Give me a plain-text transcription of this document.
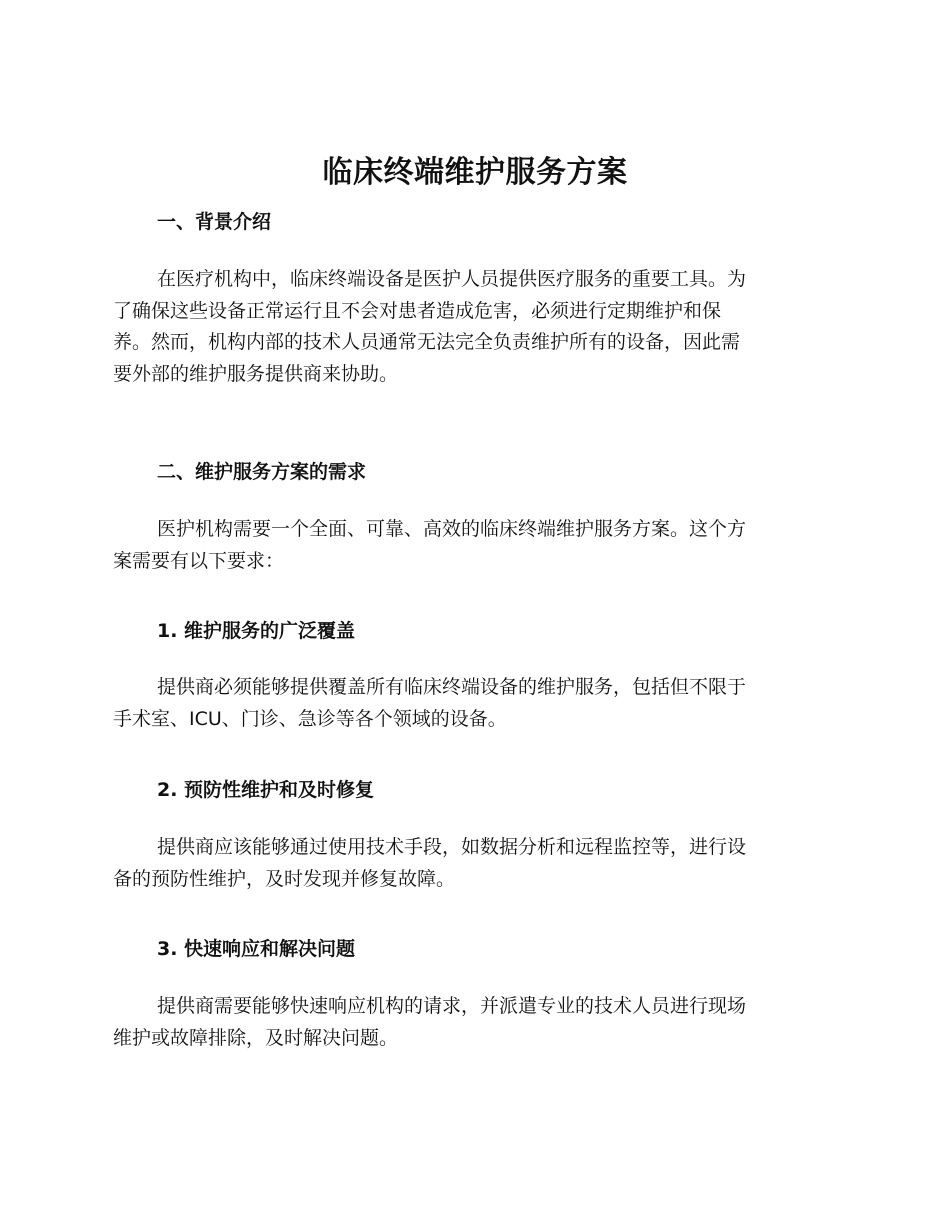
临床终端维护服务方案
一、背景介绍
在医疗机构中，临床终端设备是医护人员提供医疗服务的重要工具。为
了确保这些设备正常运行且不会对患者造成危害，必须进行定期维护和保
养。然而，机构内部的技术人员通常无法完全负责维护所有的设备，因此需
要外部的维护服务提供商来协助。
二、维护服务方案的需求
医护机构需要一个全面、可靠、高效的临床终端维护服务方案。这个方
案需要有以下要求：
1. 维护服务的广泛覆盖
提供商必须能够提供覆盖所有临床终端设备的维护服务，包括但不限于
手术室、ICU、门诊、急诊等各个领域的设备。
2. 预防性维护和及时修复
提供商应该能够通过使用技术手段，如数据分析和远程监控等，进行设
备的预防性维护，及时发现并修复故障。
3. 快速响应和解决问题
提供商需要能够快速响应机构的请求，并派遣专业的技术人员进行现场
维护或故障排除，及时解决问题。
